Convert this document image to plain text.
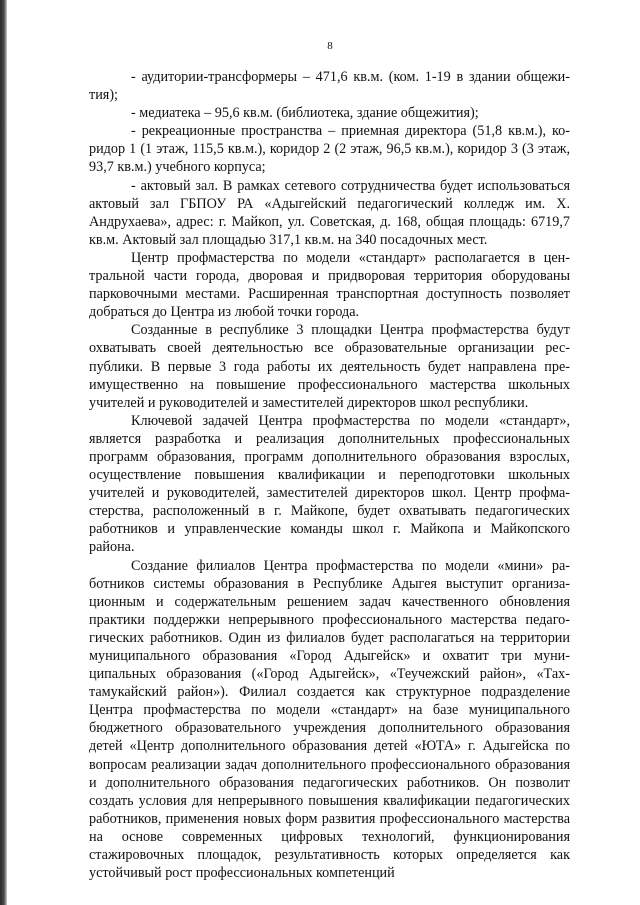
8

- аудитории-трансформеры – 471,6 кв.м. (ком. 1-19 в здании общежития);

- медиатека – 95,6 кв.м. (библиотека, здание общежития);

- рекреационные пространства – приемная директора (51,8 кв.м.), коридор 1 (1 этаж, 115,5 кв.м.), коридор 2 (2 этаж, 96,5 кв.м.), коридор 3 (3 этаж, 93,7 кв.м.) учебного корпуса;

- актовый зал. В рамках сетевого сотрудничества будет использоваться актовый зал ГБПОУ РА «Адыгейский педагогический колледж им. Х. Андрухаева», адрес: г. Майкоп, ул. Советская, д. 168, общая площадь: 6719,7 кв.м. Актовый зал площадью 317,1 кв.м. на 340 посадочных мест.

Центр профмастерства по модели «стандарт» располагается в центральной части города, дворовая и придворовая территория оборудованы парковочными местами. Расширенная транспортная доступность позволяет добраться до Центра из любой точки города.

Созданные в республике 3 площадки Центра профмастерства будут охватывать своей деятельностью все образовательные организации республики. В первые 3 года работы их деятельность будет направлена преимущественно на повышение профессионального мастерства школьных учителей и руководителей и заместителей директоров школ республики.

Ключевой задачей Центра профмастерства по модели «стандарт», является разработка и реализация дополнительных профессиональных программ образования, программ дополнительного образования взрослых, осуществление повышения квалификации и переподготовки школьных учителей и руководителей, заместителей директоров школ. Центр профмастерства, расположенный в г. Майкопе, будет охватывать педагогических работников и управленческие команды школ г. Майкопа и Майкопского района.

Создание филиалов Центра профмастерства по модели «мини» работников системы образования в Республике Адыгея выступит организационным и содержательным решением задач качественного обновления практики поддержки непрерывного профессионального мастерства педагогических работников. Один из филиалов будет располагаться на территории муниципального образования «Город Адыгейск» и охватит три муниципальных образования («Город Адыгейск», «Теучежский район», «Тахтамукайский район»). Филиал создается как структурное подразделение Центра профмастерства по модели «стандарт» на базе муниципального бюджетного образовательного учреждения дополнительного образования детей «Центр дополнительного образования детей «ЮТА» г. Адыгейска по вопросам реализации задач дополнительного профессионального образования и дополнительного образования педагогических работников. Он позволит создать условия для непрерывного повышения квалификации педагогических работников, применения новых форм развития профессионального мастерства на основе современных цифровых технологий, функционирования стажировочных площадок, результативность которых определяется как устойчивый рост профессиональных компетенций
